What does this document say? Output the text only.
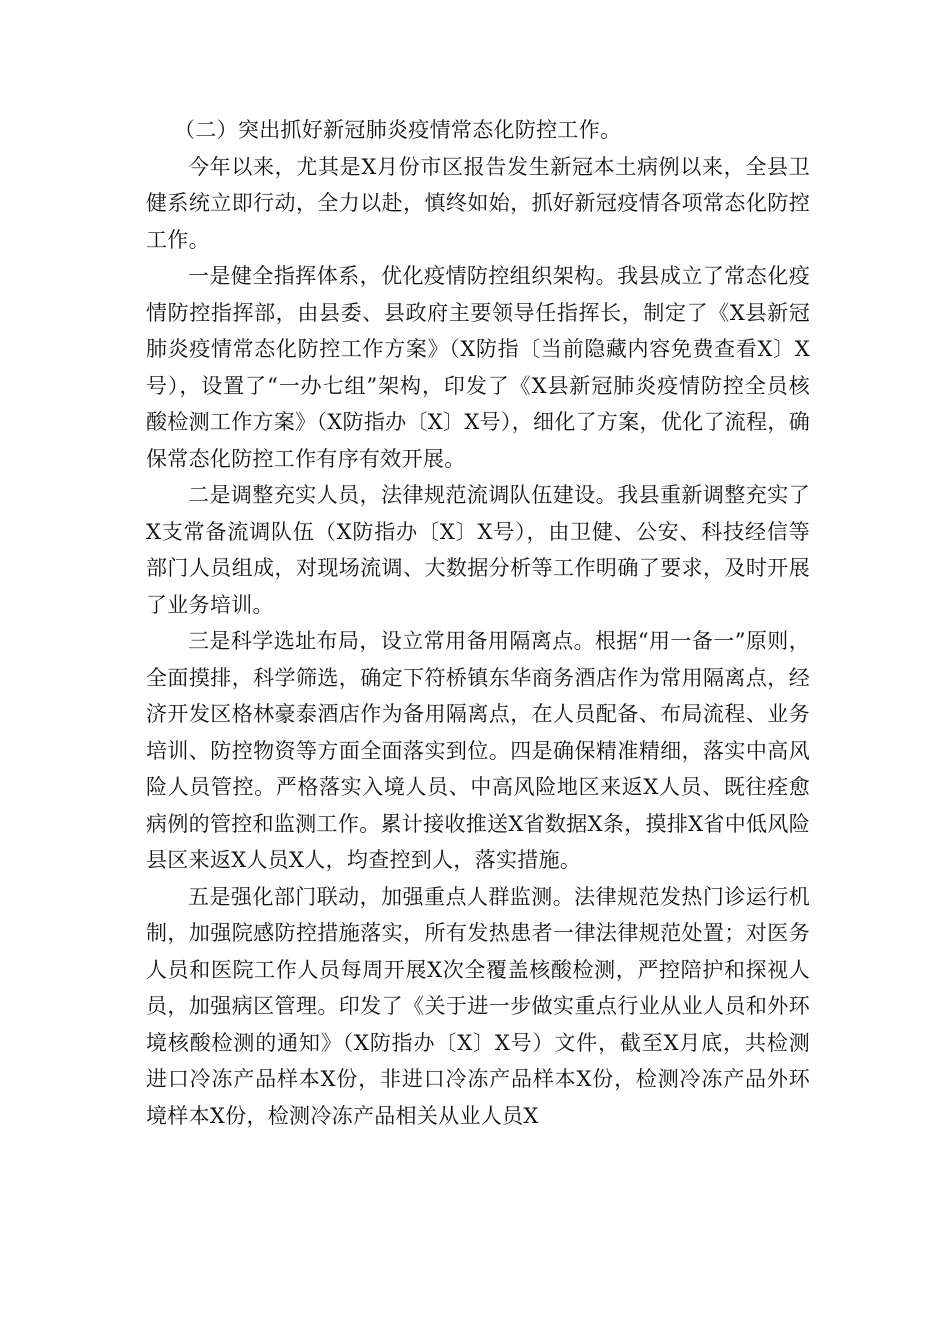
（二）突出抓好新冠肺炎疫情常态化防控工作。

今年以来，尤其是X月份市区报告发生新冠本土病例以来，全县卫健系统立即行动，全力以赴，慎终如始，抓好新冠疫情各项常态化防控工作。

一是健全指挥体系，优化疫情防控组织架构。我县成立了常态化疫情防控指挥部，由县委、县政府主要领导任指挥长，制定了《X县新冠肺炎疫情常态化防控工作方案》（X防指〔当前隐藏内容免费查看X〕X号），设置了“一办七组”架构，印发了《X县新冠肺炎疫情防控全员核酸检测工作方案》（X防指办〔X〕X号），细化了方案，优化了流程，确保常态化防控工作有序有效开展。

二是调整充实人员，法律规范流调队伍建设。我县重新调整充实了X支常备流调队伍（X防指办〔X〕X号），由卫健、公安、科技经信等部门人员组成，对现场流调、大数据分析等工作明确了要求，及时开展了业务培训。

三是科学选址布局，设立常用备用隔离点。根据“用一备一”原则，全面摸排，科学筛选，确定下符桥镇东华商务酒店作为常用隔离点，经济开发区格林豪泰酒店作为备用隔离点，在人员配备、布局流程、业务培训、防控物资等方面全面落实到位。四是确保精准精细，落实中高风险人员管控。严格落实入境人员、中高风险地区来返X人员、既往痊愈病例的管控和监测工作。累计接收推送X省数据X条，摸排X省中低风险县区来返X人员X人，均查控到人，落实措施。

五是强化部门联动，加强重点人群监测。法律规范发热门诊运行机制，加强院感防控措施落实，所有发热患者一律法律规范处置；对医务人员和医院工作人员每周开展X次全覆盖核酸检测，严控陪护和探视人员，加强病区管理。印发了《关于进一步做实重点行业从业人员和外环境核酸检测的通知》（X防指办〔X〕X号）文件，截至X月底，共检测进口冷冻产品样本X份，非进口冷冻产品样本X份，检测冷冻产品外环境样本X份，检测冷冻产品相关从业人员X
